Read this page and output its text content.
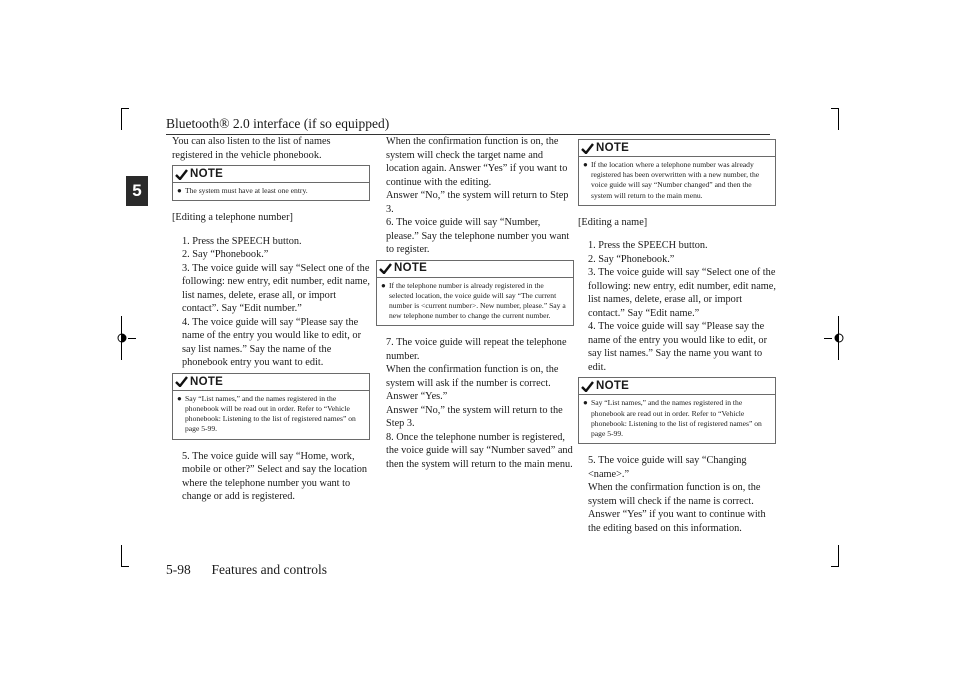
Bluetooth® 2.0 interface (if so equipped)
5

You can also listen to the list of names registered in the vehicle phonebook.

NOTE
● The system must have at least one entry.

[Editing a telephone number]

1. Press the SPEECH button.

2. Say “Phonebook.”

3. The voice guide will say “Select one of the following: new entry, edit number, edit name, list names, delete, erase all, or import contact”. Say “Edit number.”

4. The voice guide will say “Please say the name of the entry you would like to edit, or say list names.” Say the name of the phonebook entry you want to edit.

NOTE
● Say “List names,” and the names registered in the phonebook will be read out in order. Refer to “Vehicle phonebook: Listening to the list of registered names” on page 5-99.

5. The voice guide will say “Home, work, mobile or other?” Select and say the location where the telephone number you want to change or add is registered.

When the confirmation function is on, the system will check the target name and location again. Answer “Yes” if you want to continue with the editing.

Answer “No,” the system will return to Step 3.

6. The voice guide will say “Number, please.” Say the telephone number you want to register.

NOTE
● If the telephone number is already registered in the selected location, the voice guide will say “The current number is <current number>. New number, please.” Say a new telephone number to change the current number.

7. The voice guide will repeat the telephone number.

When the confirmation function is on, the system will ask if the number is correct. Answer “Yes.”

Answer “No,” the system will return to the Step 3.

8. Once the telephone number is registered, the voice guide will say “Number saved” and then the system will return to the main menu.

NOTE
● If the location where a telephone number was already registered has been overwritten with a new number, the voice guide will say “Number changed” and then the system will return to the main menu.

[Editing a name]

1. Press the SPEECH button.

2. Say “Phonebook.”

3. The voice guide will say “Select one of the following: new entry, edit number, edit name, list names, delete, erase all, or import contact.” Say “Edit name.”

4. The voice guide will say “Please say the name of the entry you would like to edit, or say list names.” Say the name you want to edit.

NOTE
● Say “List names,” and the names registered in the phonebook are read out in order. Refer to “Vehicle phonebook: Listening to the list of registered names” on page 5-99.

5. The voice guide will say “Changing <name>.”

When the confirmation function is on, the system will check if the name is correct. Answer “Yes” if you want to continue with the editing based on this information.

5-98 Features and controls
